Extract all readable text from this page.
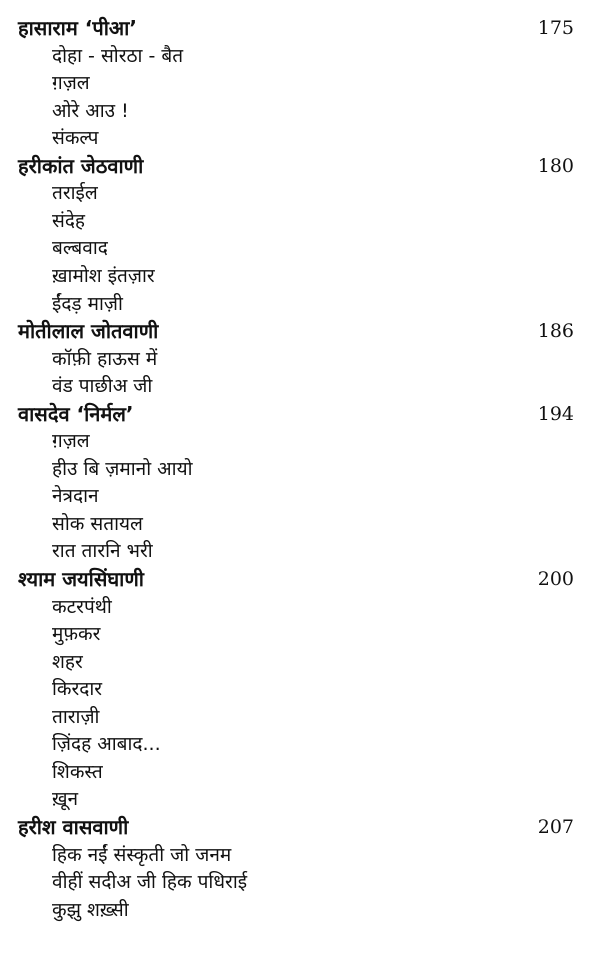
हासाराम ‘पीआ’	175
दोहा - सोरठा - बैत
ग़ज़ल
ओरे आउ !
संकल्प
हरीकांत जेठवाणी	180
तराईल
संदेह
बल्बवाद
ख़ामोश इंतज़ार
ईंदड़ माज़ी
मोतीलाल जोतवाणी	186
कॉफ़ी हाऊस में
वंड पाछीअ जी
वासदेव ‘निर्मल’	194
ग़ज़ल
हीउ बि ज़मानो आयो
नेत्रदान
सोक सतायल
रात तारनि भरी
श्याम जयसिंघाणी	200
कटरपंथी
मुफ़कर
शहर
किरदार
ताराज़ी
ज़िंदह आबाद...
शिकस्त
ख़ून
हरीश वासवाणी	207
हिक नईं संस्कृती जो जनम
वीहीं सदीअ जी हिक पधिराई
कुझु शख़्सी
